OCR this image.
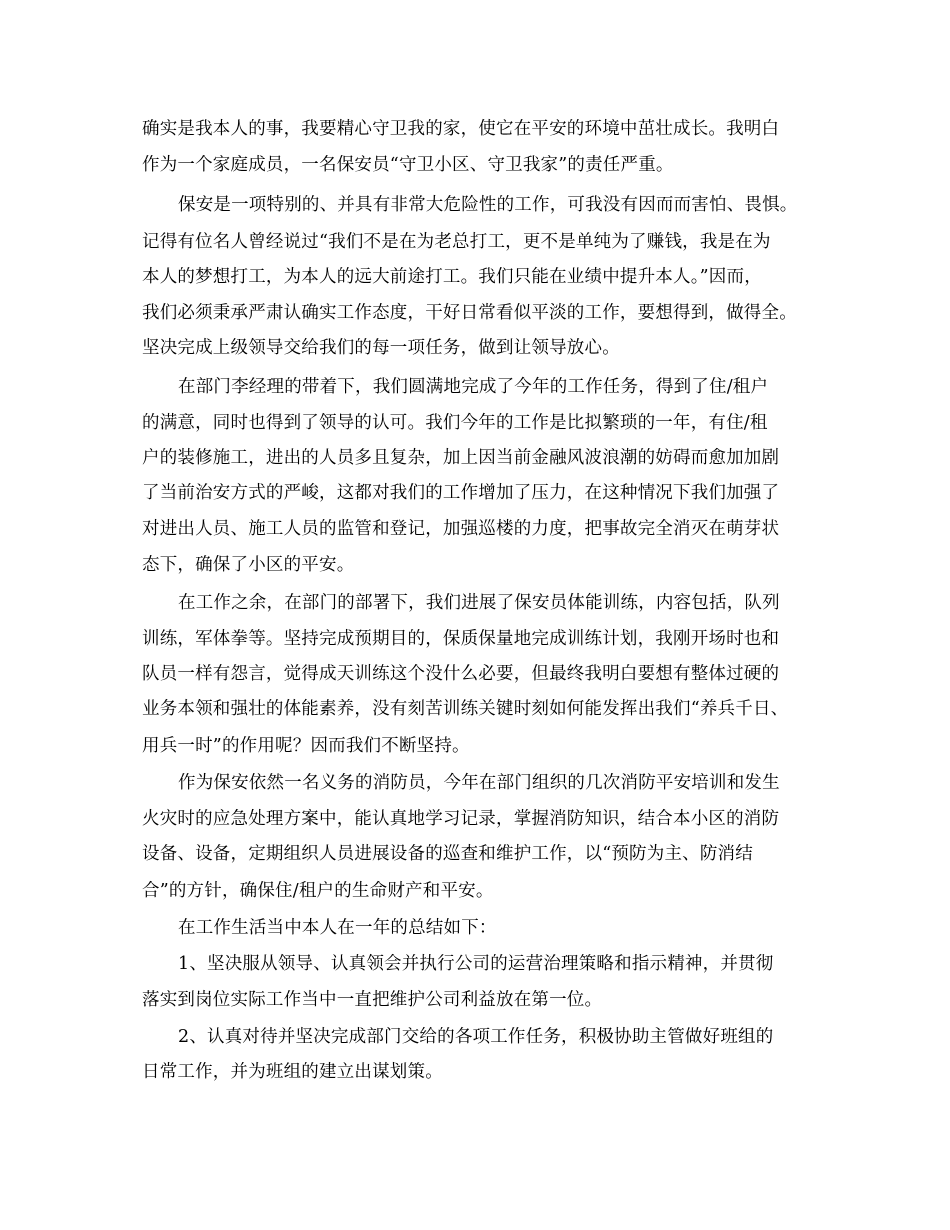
确实是我本人的事，我要精心守卫我的家，使它在平安的环境中茁壮成长。我明白
作为一个家庭成员，一名保安员“守卫小区、守卫我家”的责任严重。
保安是一项特别的、并具有非常大危险性的工作，可我没有因而而害怕、畏惧。
记得有位名人曾经说过“我们不是在为老总打工，更不是单纯为了赚钱，我是在为
本人的梦想打工，为本人的远大前途打工。我们只能在业绩中提升本人。”因而，
我们必须秉承严肃认确实工作态度，干好日常看似平淡的工作，要想得到，做得全。
坚决完成上级领导交给我们的每一项任务，做到让领导放心。
在部门李经理的带着下，我们圆满地完成了今年的工作任务，得到了住/租户
的满意，同时也得到了领导的认可。我们今年的工作是比拟繁琐的一年，有住/租
户的装修施工，进出的人员多且复杂，加上因当前金融风波浪潮的妨碍而愈加加剧
了当前治安方式的严峻，这都对我们的工作增加了压力，在这种情况下我们加强了
对进出人员、施工人员的监管和登记，加强巡楼的力度，把事故完全消灭在萌芽状
态下，确保了小区的平安。
在工作之余，在部门的部署下，我们进展了保安员体能训练，内容包括，队列
训练，军体拳等。坚持完成预期目的，保质保量地完成训练计划，我刚开场时也和
队员一样有怨言，觉得成天训练这个没什么必要，但最终我明白要想有整体过硬的
业务本领和强壮的体能素养，没有刻苦训练关键时刻如何能发挥出我们“养兵千日、
用兵一时”的作用呢？因而我们不断坚持。
作为保安依然一名义务的消防员，今年在部门组织的几次消防平安培训和发生
火灾时的应急处理方案中，能认真地学习记录，掌握消防知识，结合本小区的消防
设备、设备，定期组织人员进展设备的巡查和维护工作，以“预防为主、防消结
合”的方针，确保住/租户的生命财产和平安。
在工作生活当中本人在一年的总结如下：
1、坚决服从领导、认真领会并执行公司的运营治理策略和指示精神，并贯彻
落实到岗位实际工作当中一直把维护公司利益放在第一位。
2、认真对待并坚决完成部门交给的各项工作任务，积极协助主管做好班组的
日常工作，并为班组的建立出谋划策。
